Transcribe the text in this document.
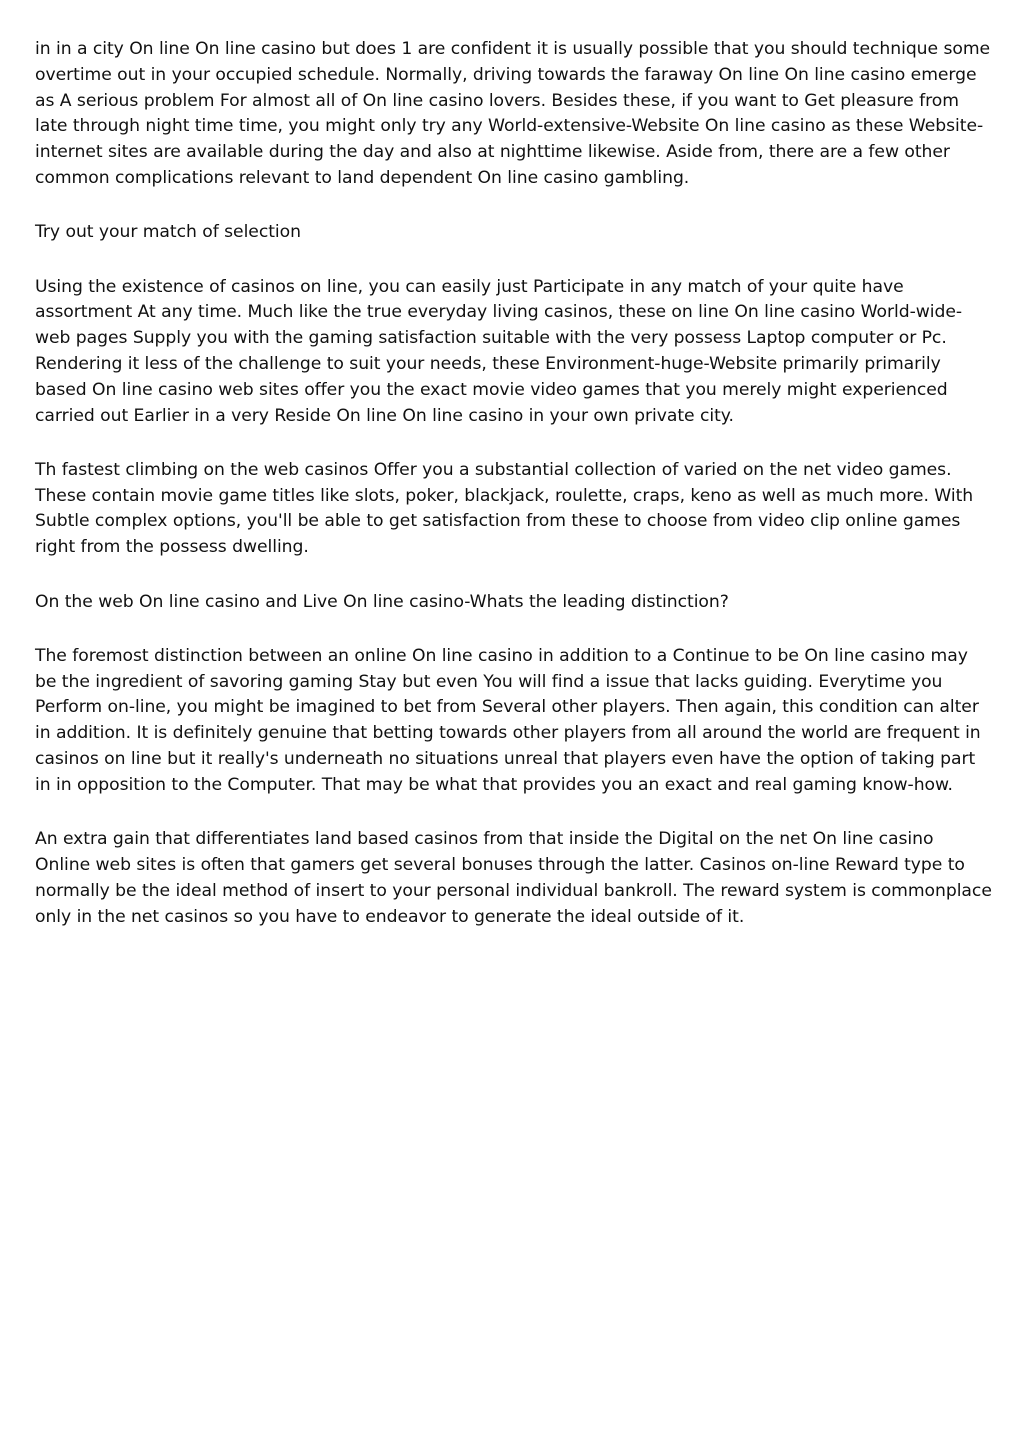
in in a city On line On line casino but does 1 are confident it is usually possible that you should technique some overtime out in your occupied schedule. Normally, driving towards the faraway On line On line casino emerge as A serious problem For almost all of On line casino lovers. Besides these, if you want to Get pleasure from late through night time time, you might only try any World-extensive-Website On line casino as these Website-internet sites are available during the day and also at nighttime likewise. Aside from, there are a few other common complications relevant to land dependent On line casino gambling.

Try out your match of selection

Using the existence of casinos on line, you can easily just Participate in any match of your quite have assortment At any time. Much like the true everyday living casinos, these on line On line casino World-wide-web pages Supply you with the gaming satisfaction suitable with the very possess Laptop computer or Pc. Rendering it less of the challenge to suit your needs, these Environment-huge-Website primarily primarily based On line casino web sites offer you the exact movie video games that you merely might experienced carried out Earlier in a very Reside On line On line casino in your own private city.

Th fastest climbing on the web casinos Offer you a substantial collection of varied on the net video games. These contain movie game titles like slots, poker, blackjack, roulette, craps, keno as well as much more. With Subtle complex options, you'll be able to get satisfaction from these to choose from video clip online games right from the possess dwelling.

On the web On line casino and Live On line casino-Whats the leading distinction?

The foremost distinction between an online On line casino in addition to a Continue to be On line casino may be the ingredient of savoring gaming Stay but even You will find a issue that lacks guiding. Everytime you Perform on-line, you might be imagined to bet from Several other players. Then again, this condition can alter in addition. It is definitely genuine that betting towards other players from all around the world are frequent in casinos on line but it really's underneath no situations unreal that players even have the option of taking part in in opposition to the Computer. That may be what that provides you an exact and real gaming know-how.

An extra gain that differentiates land based casinos from that inside the Digital on the net On line casino Online web sites is often that gamers get several bonuses through the latter. Casinos on-line Reward type to normally be the ideal method of insert to your personal individual bankroll. The reward system is commonplace only in the net casinos so you have to endeavor to generate the ideal outside of it.
